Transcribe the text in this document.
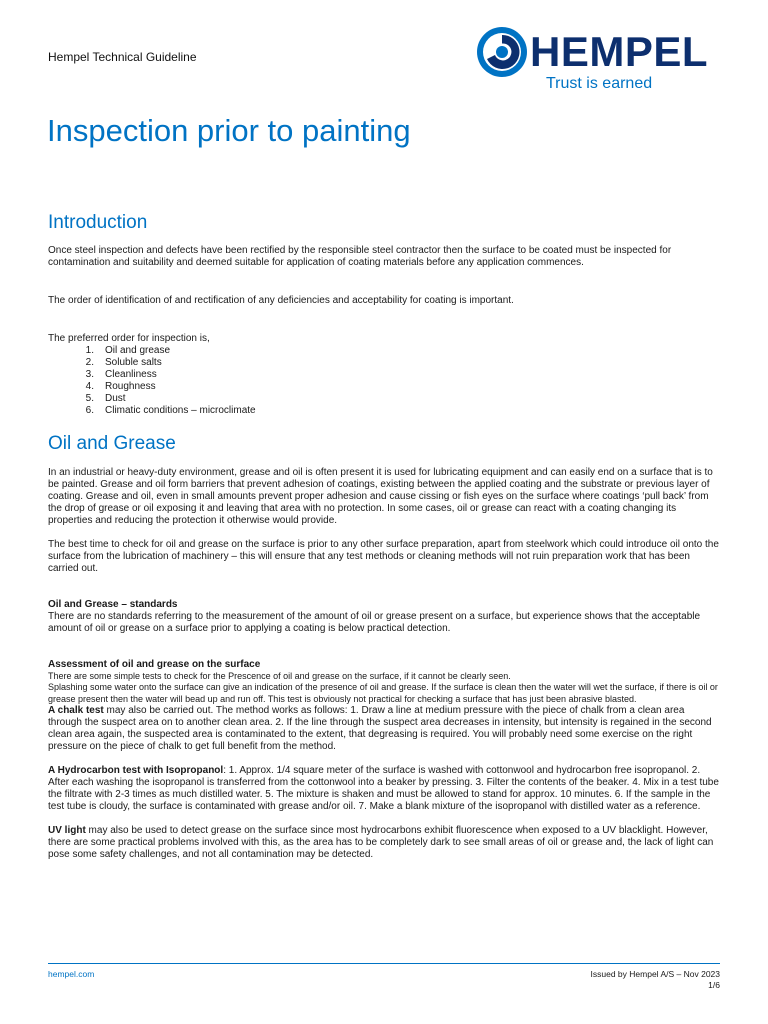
Hempel Technical Guideline	HEMPEL
Trust is earned
Inspection prior to painting
Introduction

Once steel inspection and defects have been rectified by the responsible steel contractor then the surface to be coated must be inspected for contamination and suitability and deemed suitable for application of coating materials before any application commences.

The order of identification of and rectification of any deficiencies and acceptability for coating is important.

The preferred order for inspection is,

1. Oil and grease
2. Soluble salts
3. Cleanliness
4. Roughness
5. Dust
6. Climatic conditions – microclimate
Oil and Grease

In an industrial or heavy-duty environment, grease and oil is often present it is used for lubricating equipment and can easily end on a surface that is to be painted. Grease and oil form barriers that prevent adhesion of coatings, existing between the applied coating and the substrate or previous layer of coating. Grease and oil, even in small amounts prevent proper adhesion and cause cissing or fish eyes on the surface where coatings ‘pull back’ from the drop of grease or oil exposing it and leaving that area with no protection. In some cases, oil or grease can react with a coating changing its properties and reducing the protection it otherwise would provide.

The best time to check for oil and grease on the surface is prior to any other surface preparation, apart from steelwork which could introduce oil onto the surface from the lubrication of machinery – this will ensure that any test methods or cleaning methods will not ruin preparation work that has been carried out.

Oil and Grease – standards

There are no standards referring to the measurement of the amount of oil or grease present on a surface, but experience shows that the acceptable amount of oil or grease on a surface prior to applying a coating is below practical detection.

Assessment of oil and grease on the surface

There are some simple tests to check for the Prescence of oil and grease on the surface, if it cannot be clearly seen.

Splashing some water onto the surface can give an indication of the presence of oil and grease. If the surface is clean then the water will wet the surface, if there is oil or grease present then the water will bead up and run off. This test is obviously not practical for checking a surface that has just been abrasive blasted.

A chalk test may also be carried out. The method works as follows: 1. Draw a line at medium pressure with the piece of chalk from a clean area through the suspect area on to another clean area. 2. If the line through the suspect area decreases in intensity, but intensity is regained in the second clean area again, the suspected area is contaminated to the extent, that degreasing is required. You will probably need some exercise on the right pressure on the piece of chalk to get full benefit from the method.

A Hydrocarbon test with Isopropanol: 1. Approx. 1/4 square meter of the surface is washed with cottonwool and hydrocarbon free isopropanol. 2. After each washing the isopropanol is transferred from the cottonwool into a beaker by pressing. 3. Filter the contents of the beaker. 4. Mix in a test tube the filtrate with 2-3 times as much distilled water. 5. The mixture is shaken and must be allowed to stand for approx. 10 minutes. 6. If the sample in the test tube is cloudy, the surface is contaminated with grease and/or oil. 7. Make a blank mixture of the isopropanol with distilled water as a reference.

UV light may also be used to detect grease on the surface since most hydrocarbons exhibit fluorescence when exposed to a UV blacklight. However, there are some practical problems involved with this, as the area has to be completely dark to see small areas of oil or grease and, the lack of light can pose some safety challenges, and not all contamination may be detected.

hempel.com	Issued by Hempel A/S – Nov 2023
1/6
